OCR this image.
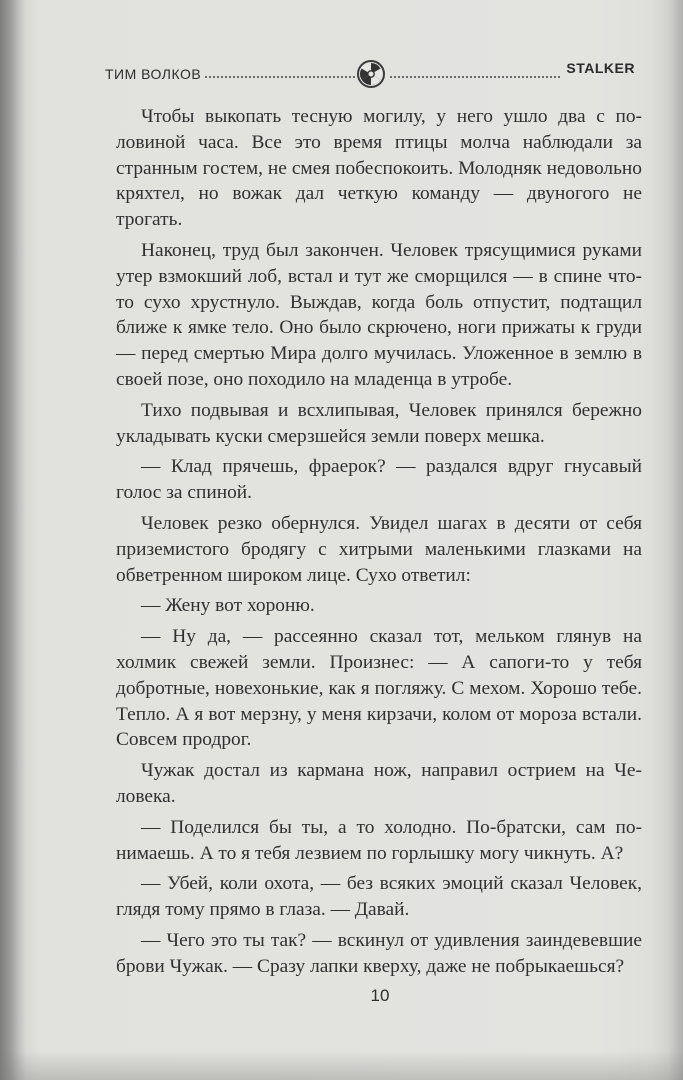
ТИМ ВОЛКОВ	STALKER

Чтобы выкопать тесную могилу, у него ушло два с половиной часа. Все это время птицы молча наблюдали за странным гостем, не смея побеспокоить. Молодняк недовольно кряхтел, но вожак дал четкую команду — двуногого не трогать.

Наконец, труд был закончен. Человек трясущимися руками утер взмокший лоб, встал и тут же сморщился — в спине что-то сухо хрустнуло. Выждав, когда боль отпустит, подтащил ближе к ямке тело. Оно было скрючено, ноги прижаты к груди — перед смертью Мира долго мучилась. Уложенное в землю в своей позе, оно походило на младенца в утробе.

Тихо подвывая и всхлипывая, Человек принялся бережно укладывать куски смерзшейся земли поверх мешка.

— Клад прячешь, фраерок? — раздался вдруг гнусавый голос за спиной.

Человек резко обернулся. Увидел шагах в десяти от себя приземистого бродягу с хитрыми маленькими глазками на обветренном широком лице. Сухо ответил:

— Жену вот хороню.

— Ну да, — рассеянно сказал тот, мельком глянув на холмик свежей земли. Произнес: — А сапоги-то у тебя добротные, новехонькие, как я погляжу. С мехом. Хорошо тебе. Тепло. А я вот мерзну, у меня кирзачи, колом от мороза встали. Совсем продрог.

Чужак достал из кармана нож, направил острием на Человека.

— Поделился бы ты, а то холодно. По-братски, сам понимаешь. А то я тебя лезвием по горлышку могу чикнуть. А?

— Убей, коли охота, — без всяких эмоций сказал Человек, глядя тому прямо в глаза. — Давай.

— Чего это ты так? — вскинул от удивления заиндевевшие брови Чужак. — Сразу лапки кверху, даже не побрыкаешься?

10
